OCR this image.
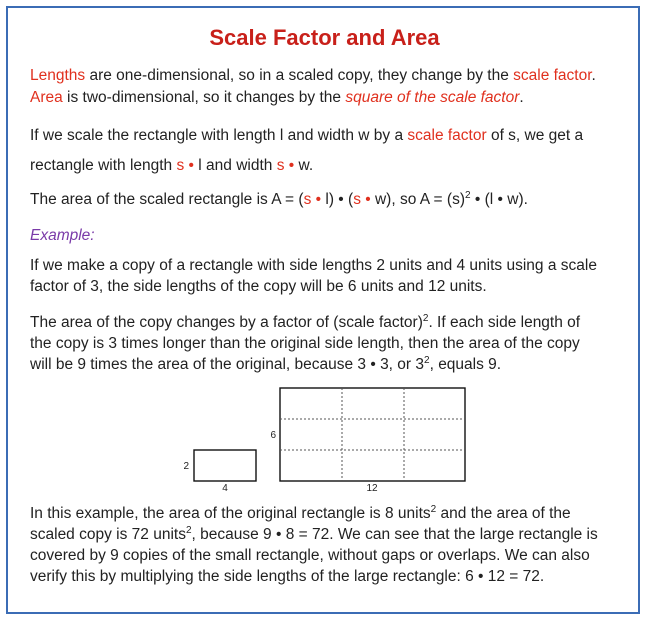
Scale Factor and Area
Lengths are one-dimensional, so in a scaled copy, they change by the scale factor.
Area is two-dimensional, so it changes by the square of the scale factor.
If we scale the rectangle with length l and width w by a scale factor of s, we get a
rectangle with length s • l and width s • w.
The area of the scaled rectangle is A = (s • l) • (s • w), so $A = (s)^2$ • (l • w).
Example:
If we make a copy of a rectangle with side lengths 2 units and 4 units using a scale
factor of 3, the side lengths of the copy will be 6 units and 12 units.
The area of the copy changes by a factor of (scale factor)$^2$. If each side length of
the copy is 3 times longer than the original side length, then the area of the copy
will be 9 times the area of the original, because 3 • 3, or $3^2$, equals 9.
2
4
6
12
In this example, the area of the original rectangle is 8 units$^2$ and the area of the
scaled copy is 72 units$^2$, because 9 • 8 = 72. We can see that the large rectangle is
covered by 9 copies of the small rectangle, without gaps or overlaps. We can also
verify this by multiplying the side lengths of the large rectangle: 6 • 12 = 72.
